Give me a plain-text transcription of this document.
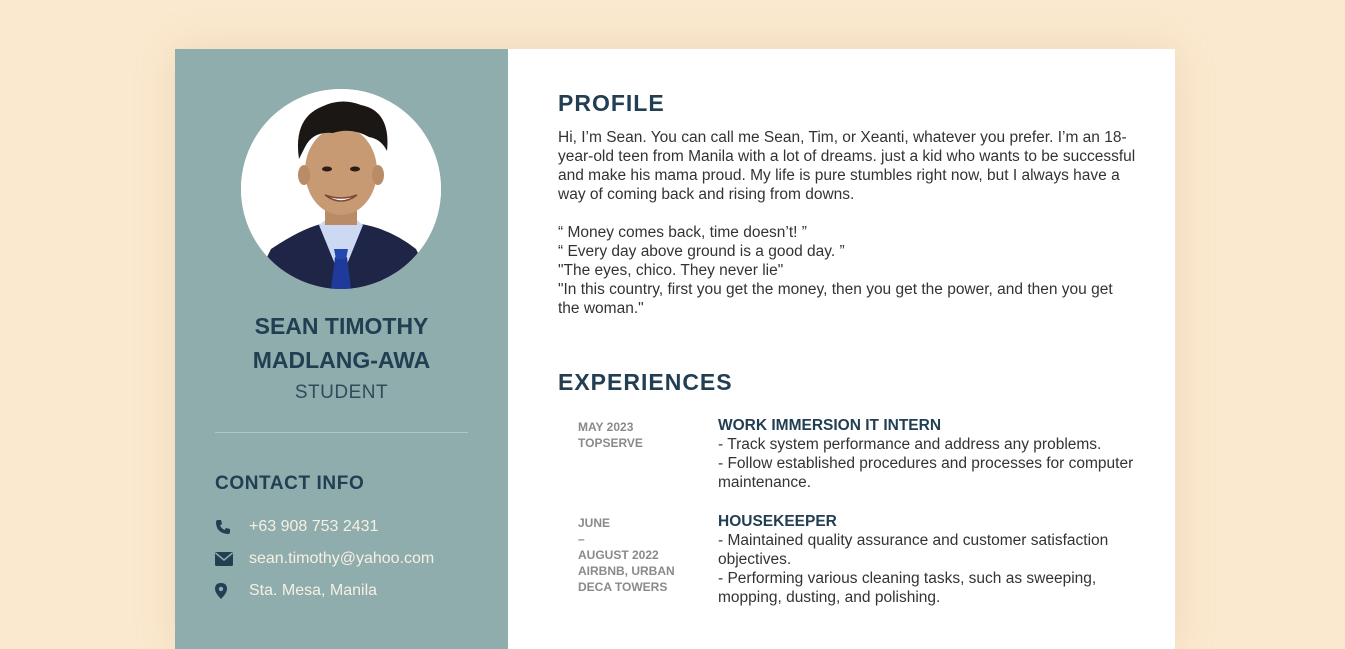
SEAN TIMOTHY
MADLANG-AWA
STUDENT
CONTACT INFO
+63 908 753 2431
sean.timothy@yahoo.com
Sta. Mesa, Manila
PROFILE

Hi, I’m Sean. You can call me Sean, Tim, or Xeanti, whatever you prefer. I’m an 18-year-old teen from Manila with a lot of dreams. just a kid who wants to be successful and make his mama proud. My life is pure stumbles right now, but I always have a way of coming back and rising from downs.

“ Money comes back, time doesn’t! ”

“ Every day above ground is a good day. ”

"The eyes, chico. They never lie"

"In this country, first you get the money, then you get the power, and then you get the woman."

EXPERIENCES
MAY 2023
TOPSERVE
WORK IMMERSION IT INTERN
- Track system performance and address any problems.
- Follow established procedures and processes for computer maintenance.
JUNE
–
AUGUST 2022
AIRBNB, URBAN
DECA TOWERS
HOUSEKEEPER
- Maintained quality assurance and customer satisfaction objectives.
- Performing various cleaning tasks, such as sweeping, mopping, dusting, and polishing.
